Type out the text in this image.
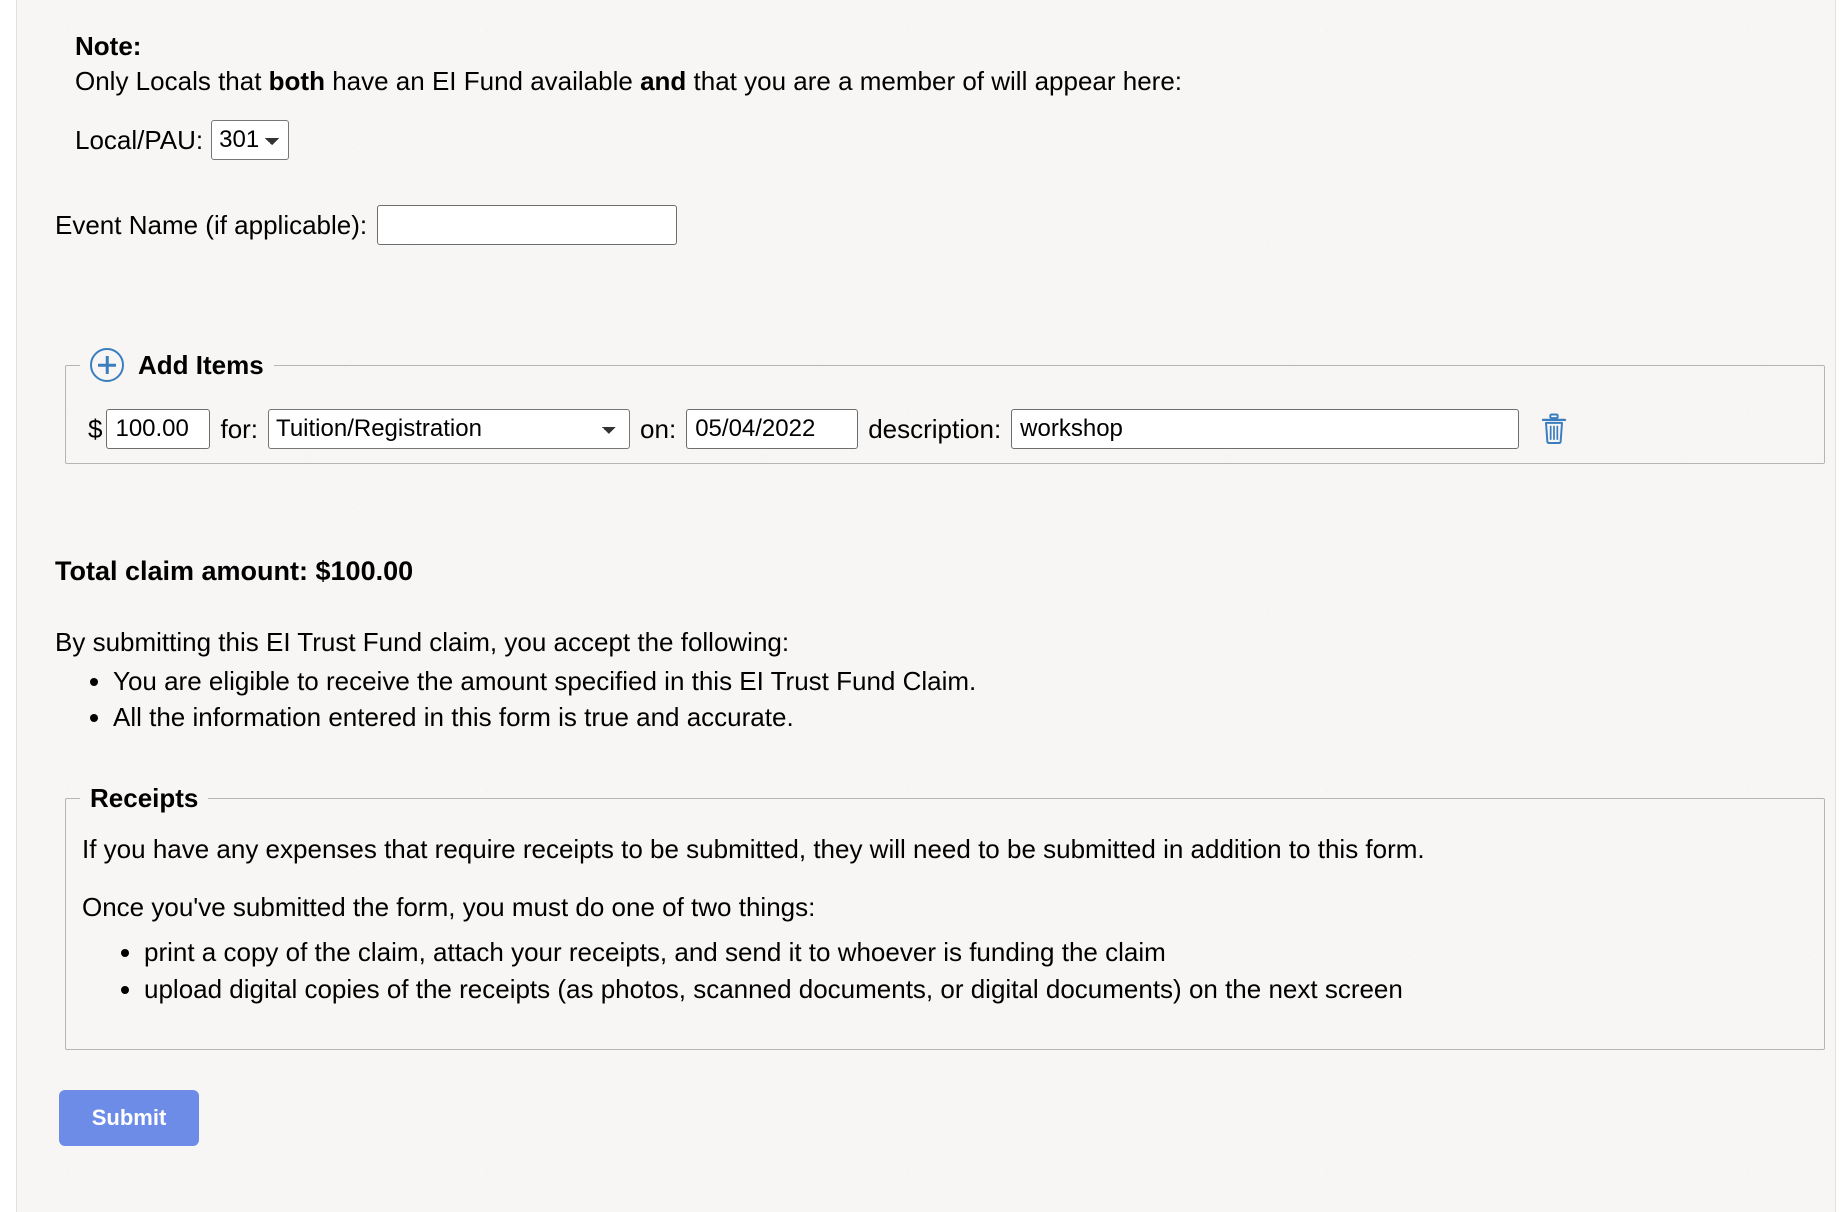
Note:

Only Locals that both have an EI Fund available and that you are a member of will appear here:

Local/PAU:
301
Event Name (if applicable):
Add Items
$
100.00	for:
Tuition/Registration	on:
05/04/2022	description:
workshop
Total claim amount: $100.00

By submitting this EI Trust Fund claim, you accept the following:

• You are eligible to receive the amount specified in this EI Trust Fund Claim.
• All the information entered in this form is true and accurate.
Receipts

If you have any expenses that require receipts to be submitted, they will need to be submitted in addition to this form.

Once you've submitted the form, you must do one of two things:

• print a copy of the claim, attach your receipts, and send it to whoever is funding the claim
• upload digital copies of the receipts (as photos, scanned documents, or digital documents) on the next screen
Submit
